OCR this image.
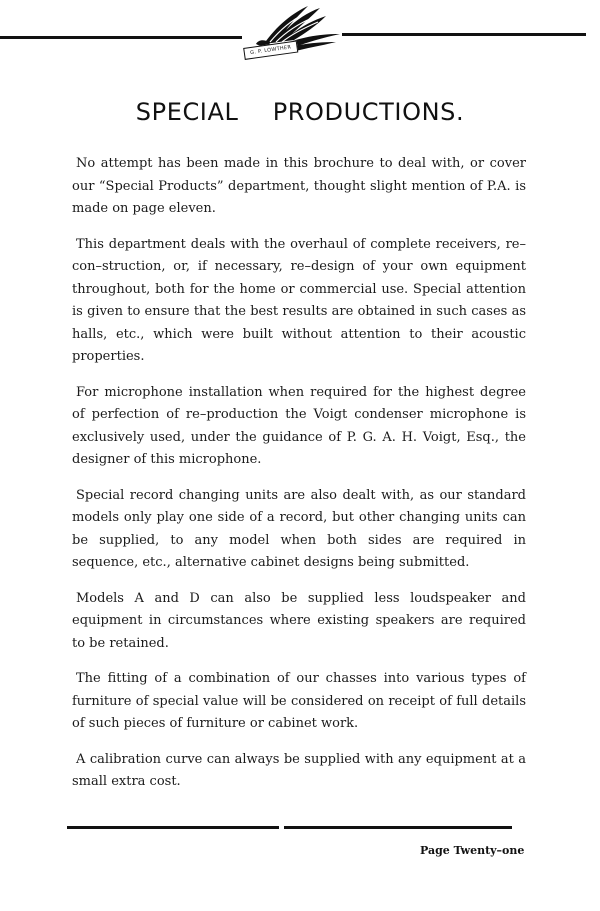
G. P. LOWTHER
SPECIAL PRODUCTIONS.

No attempt has been made in this brochure to deal with, or cover our “Special Products” department, thought slight mention of P.A. is made on page eleven.

This department deals with the overhaul of complete receivers, re–con–struction, or, if necessary, re–design of your own equipment throughout, both for the home or commercial use. Special attention is given to ensure that the best results are obtained in such cases as halls, etc., which were built without attention to their acoustic properties.

For microphone installation when required for the highest degree of perfection of re–production the Voigt condenser microphone is exclusively used, under the guidance of P. G. A. H. Voigt, Esq., the designer of this microphone.

Special record changing units are also dealt with, as our standard models only play one side of a record, but other changing units can be supplied, to any model when both sides are required in sequence, etc., alternative cabinet designs being submitted.

Models A and D can also be supplied less loudspeaker and equipment in circumstances where existing speakers are required to be retained.

The fitting of a combination of our chasses into various types of furniture of special value will be considered on receipt of full details of such pieces of furniture or cabinet work.

A calibration curve can always be supplied with any equipment at a small extra cost.

Page Twenty–one
